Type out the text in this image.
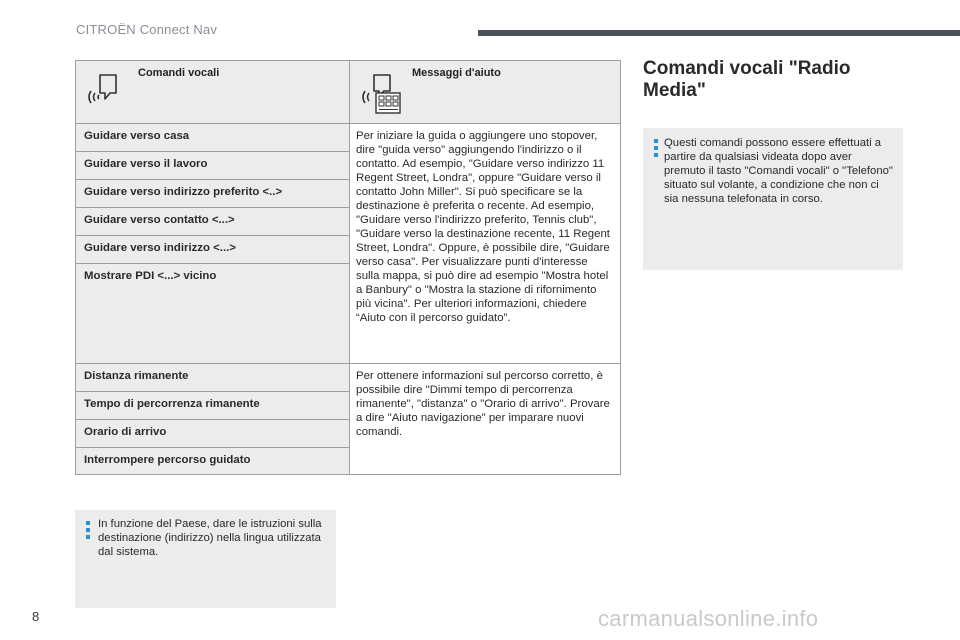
CITROËN Connect Nav
Comandi vocali	Messaggi d'aiuto

Guidare verso casa	Per iniziare la guida o aggiungere uno stopover, dire "guida verso" aggiungendo l'indirizzo o il contatto. Ad esempio, "Guidare verso indirizzo 11 Regent Street, Londra", oppure "Guidare verso il contatto John Miller". Si può specificare se la destinazione è preferita o recente. Ad esempio, "Guidare verso l'indirizzo preferito, Tennis club", "Guidare verso la destinazione recente, 11 Regent Street, Londra". Oppure, è possibile dire, "Guidare verso casa". Per visualizzare punti d'interesse sulla mappa, si può dire ad esempio "Mostra hotel a Banbury" o "Mostra la stazione di rifornimento più vicina". Per ulteriori informazioni, chiedere “Aiuto con il percorso guidato”.
Guidare verso il lavoro	
Guidare verso indirizzo preferito <..>	
Guidare verso contatto <...>	
Guidare verso indirizzo <...>	
Mostrare PDI <...> vicino	
Distanza rimanente	Per ottenere informazioni sul percorso corretto, è possibile dire "Dimmi tempo di percorrenza rimanente", "distanza" o "Orario di arrivo". Provare a dire "Aiuto navigazione" per imparare nuovi comandi.
Tempo di percorrenza rimanente	
Orario di arrivo	
Interrompere percorso guidato	
In funzione del Paese, dare le istruzioni sulla destinazione (indirizzo) nella lingua utilizzata dal sistema.
Comandi vocali "Radio Media"
Questi comandi possono essere effettuati a partire da qualsiasi videata dopo aver premuto il tasto "Comandi vocali" o "Telefono" situato sul volante, a condizione che non ci sia nessuna telefonata in corso.
8	carmanualsonline.info
